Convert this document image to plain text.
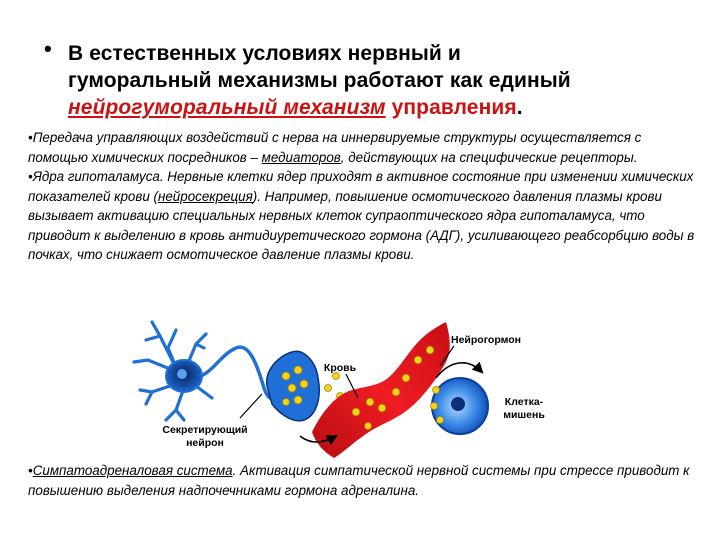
• В естественных условиях нервный и
гуморальный механизмы работают как единый
нейрогуморальный механизм управления.

•Передача управляющих воздействий с нерва на иннервируемые структуры осуществляется с помощью химических посредников – медиаторов, действующих на специфические рецепторы.

•Ядра гипоталамуса. Нервные клетки ядер приходят в активное состояние при изменении химических показателей крови (нейросекреция). Например, повышение осмотического давления плазмы крови вызывает активацию специальных нервных клеток супраоптического ядра гипоталамуса, что приводит к выделению в кровь антидиуретического гормона (АДГ), усиливающего реабсорбцию воды в почках, что снижает осмотическое давление плазмы крови.

Нейрогормон
Кровь
Клетка-
мишень
Секретирующий
нейрон
•Симпатоадреналовая система. Активация симпатической нервной системы при стрессе приводит к повышению выделения надпочечниками гормона адреналина.
